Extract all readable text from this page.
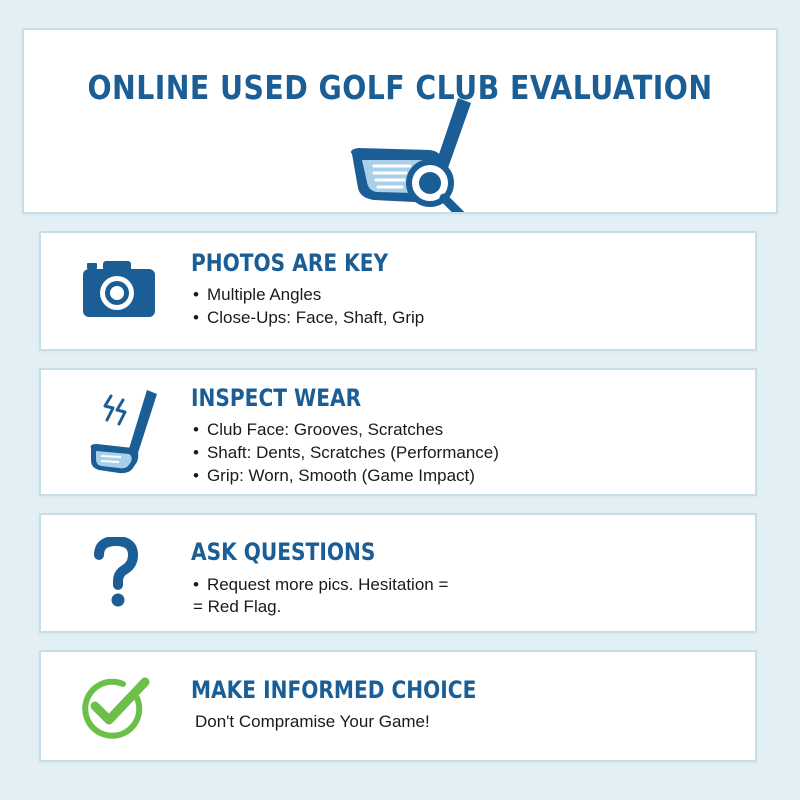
ONLINE USED GOLF CLUB EVALUATION
PHOTOS ARE KEY
• Multiple Angles
• Close-Ups: Face, Shaft, Grip
INSPECT WEAR
• Club Face: Grooves, Scratches
• Shaft: Dents, Scratches (Performance)
• Grip: Worn, Smooth (Game Impact)
ASK QUESTIONS
• Request more pics. Hesitation =
= Red Flag.
MAKE INFORMED CHOICE
Don't Compramise Your Game!
